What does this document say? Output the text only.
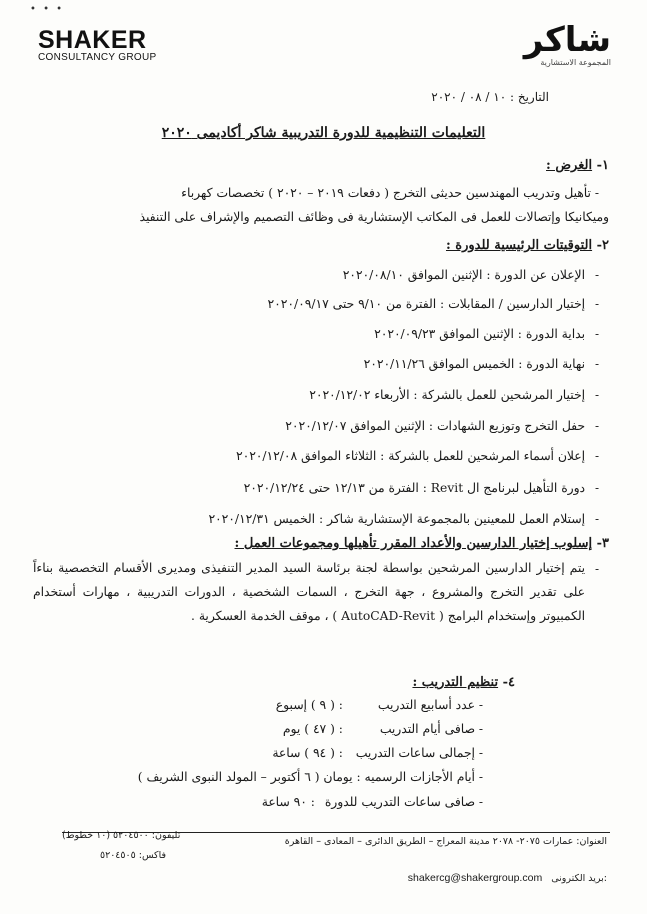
• • •
SHAKER
CONSULTANCY GROUP	شاكر
المجموعة الاستشارية
التاريخ : ١٠ / ٠٨ / ٢٠٢٠
التعليمات التنظيمية للدورة التدريبية شاكر أكاديمى ٢٠٢٠
١- الغرض :
- تأهيل وتدريب المهندسين حديثى التخرج ( دفعات ٢٠١٩ – ٢٠٢٠ ) تخصصات كهرباء
وميكانيكا وإتصالات للعمل فى المكاتب الإستشارية فى وظائف التصميم والإشراف على التنفيذ
٢- التوقيتات الرئيسية للدورة :
-
الإعلان عن الدورة : الإثنين الموافق ٢٠٢٠/٠٨/١٠
-
إختيار الدارسين / المقابلات : الفترة من ٩/١٠ حتى ٢٠٢٠/٠٩/١٧
-
بداية الدورة : الإثنين الموافق ٢٠٢٠/٠٩/٢٣
-
نهاية الدورة : الخميس الموافق ٢٠٢٠/١١/٢٦
-
إختيار المرشحين للعمل بالشركة : الأربعاء ٢٠٢٠/١٢/٠٢
-
حفل التخرج وتوزيع الشهادات : الإثنين الموافق ٢٠٢٠/١٢/٠٧
-
إعلان أسماء المرشحين للعمل بالشركة : الثلاثاء الموافق ٢٠٢٠/١٢/٠٨
-
دورة التأهيل لبرنامج ال Revit : الفترة من ١٢/١٣ حتى ٢٠٢٠/١٢/٢٤
-
إستلام العمل للمعينين بالمجموعة الإستشارية شاكر : الخميس ٢٠٢٠/١٢/٣١
٣- إسلوب إختيار الدارسين والأعداد المقرر تأهيلها ومجموعات العمل :
-
يتم إختيار الدارسين المرشحين بواسطة لجنة برئاسة السيد المدير التنفيذى ومديرى الأقسام التخصصية بناءاً على تقدير التخرج والمشروع ، جهة التخرج ، السمات الشخصية ، الدورات التدريبية ، مهارات أستخدام الكمبيوتر وإستخدام البرامج ( AutoCAD-Revit ) ، موقف الخدمة العسكرية .
٤- تنظيم التدريب :
- عدد أسابيع التدريب: ( ٩ ) إسبوع
- صافى أيام التدريب: ( ٤٧ ) يوم
- إجمالى ساعات التدريب: ( ٩٤ ) ساعة
- أيام الأجازات الرسميه : يومان ( ٦ أكتوبر – المولد النبوى الشريف )
- صافى ساعات التدريب للدورة: ٩٠ ساعة
العنوان: عمارات ٢٠٧٥- ٢٠٧٨ مدينة المعراج – الطريق الدائرى – المعادى – القاهرة
تليفون: ٥٢٠٤٥٠٠ (١٠ خطوط)
فاكس: ٥٢٠٤٥٠٥
shakercg@shakergroup.com بريد الكترونى:
